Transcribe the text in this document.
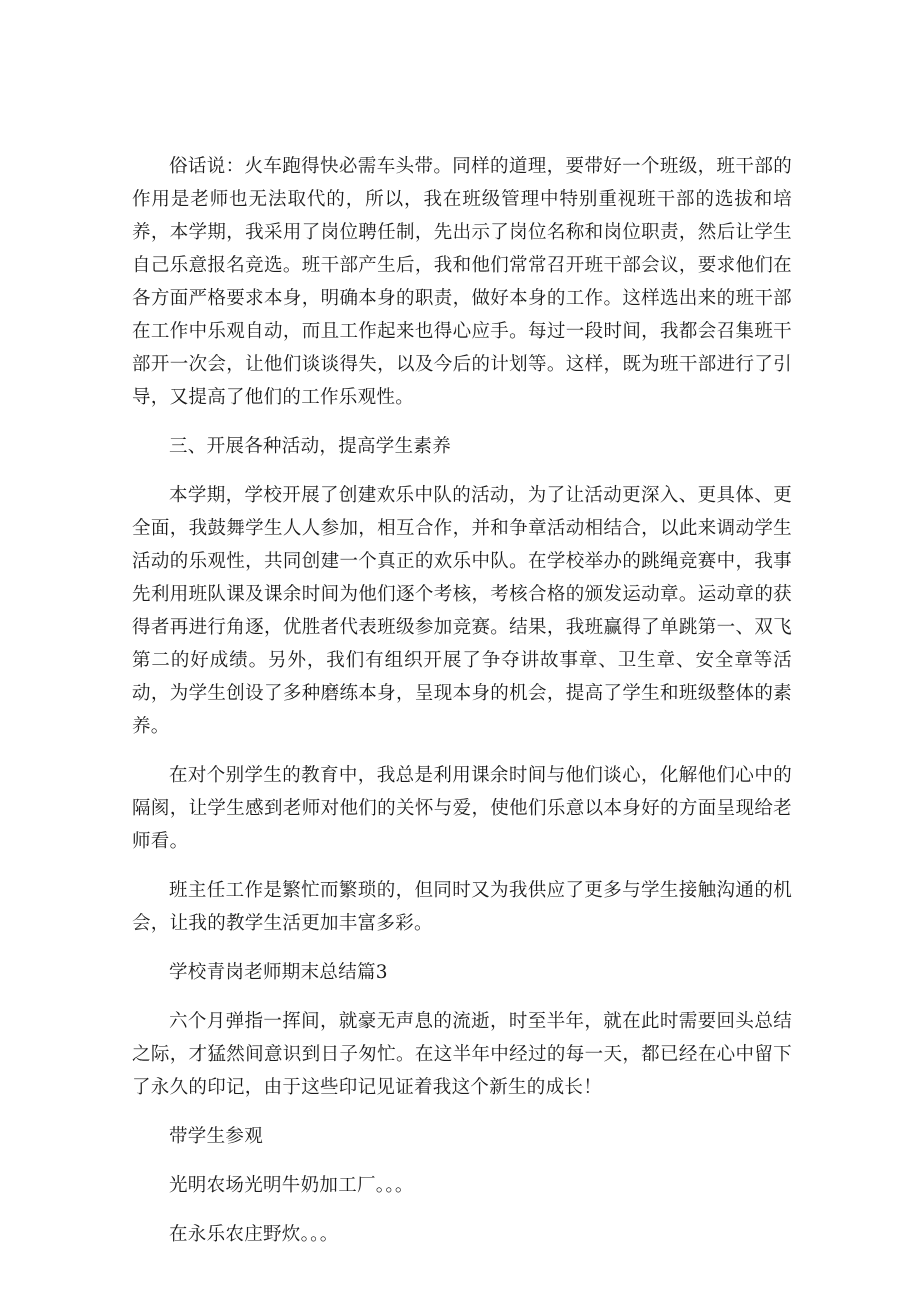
俗话说：火车跑得快必需车头带。同样的道理，要带好一个班级，班干部的作用是老师也无法取代的，所以，我在班级管理中特别重视班干部的选拔和培养，本学期，我采用了岗位聘任制，先出示了岗位名称和岗位职责，然后让学生自己乐意报名竞选。班干部产生后，我和他们常常召开班干部会议，要求他们在各方面严格要求本身，明确本身的职责，做好本身的工作。这样选出来的班干部在工作中乐观自动，而且工作起来也得心应手。每过一段时间，我都会召集班干部开一次会，让他们谈谈得失，以及今后的计划等。这样，既为班干部进行了引导，又提高了他们的工作乐观性。

三、开展各种活动，提高学生素养

本学期，学校开展了创建欢乐中队的活动，为了让活动更深入、更具体、更全面，我鼓舞学生人人参加，相互合作，并和争章活动相结合，以此来调动学生活动的乐观性，共同创建一个真正的欢乐中队。在学校举办的跳绳竞赛中，我事先利用班队课及课余时间为他们逐个考核，考核合格的颁发运动章。运动章的获得者再进行角逐，优胜者代表班级参加竞赛。结果，我班赢得了单跳第一、双飞第二的好成绩。另外，我们有组织开展了争夺讲故事章、卫生章、安全章等活动，为学生创设了多种磨练本身，呈现本身的机会，提高了学生和班级整体的素养。

在对个别学生的教育中，我总是利用课余时间与他们谈心，化解他们心中的隔阂，让学生感到老师对他们的关怀与爱，使他们乐意以本身好的方面呈现给老师看。

班主任工作是繁忙而繁琐的，但同时又为我供应了更多与学生接触沟通的机会，让我的教学生活更加丰富多彩。

学校青岗老师期末总结篇3

六个月弹指一挥间，就豪无声息的流逝，时至半年，就在此时需要回头总结之际，才猛然间意识到日子匆忙。在这半年中经过的每一天，都已经在心中留下了永久的印记，由于这些印记见证着我这个新生的成长！

带学生参观

光明农场光明牛奶加工厂。。。

在永乐农庄野炊。。。
